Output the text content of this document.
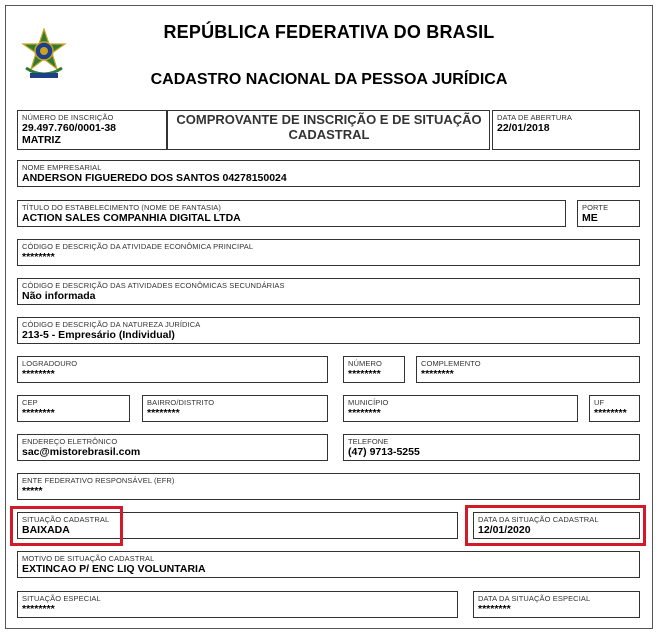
REPÚBLICA FEDERATIVA DO BRASIL
CADASTRO NACIONAL DA PESSOA JURÍDICA
NÚMERO DE INSCRIÇÃO
29.497.760/0001-38
MATRIZ
COMPROVANTE DE INSCRIÇÃO E DE SITUAÇÃO CADASTRAL
DATA DE ABERTURA
22/01/2018
NOME EMPRESARIAL
ANDERSON FIGUEREDO DOS SANTOS 04278150024
TÍTULO DO ESTABELECIMENTO (NOME DE FANTASIA)
ACTION SALES COMPANHIA DIGITAL LTDA
PORTE
ME
CÓDIGO E DESCRIÇÃO DA ATIVIDADE ECONÔMICA PRINCIPAL
********
CÓDIGO E DESCRIÇÃO DAS ATIVIDADES ECONÔMICAS SECUNDÁRIAS
Não informada
CÓDIGO E DESCRIÇÃO DA NATUREZA JURÍDICA
213-5 - Empresário (Individual)
LOGRADOURO
********
NÚMERO
********
COMPLEMENTO
********
CEP
********
BAIRRO/DISTRITO
********
MUNICÍPIO
********
UF
********
ENDEREÇO ELETRÔNICO
sac@mistorebrasil.com
TELEFONE
(47) 9713-5255
ENTE FEDERATIVO RESPONSÁVEL (EFR)
*****
SITUAÇÃO CADASTRAL
BAIXADA
DATA DA SITUAÇÃO CADASTRAL
12/01/2020
MOTIVO DE SITUAÇÃO CADASTRAL
EXTINCAO P/ ENC LIQ VOLUNTARIA
SITUAÇÃO ESPECIAL
********
DATA DA SITUAÇÃO ESPECIAL
********
